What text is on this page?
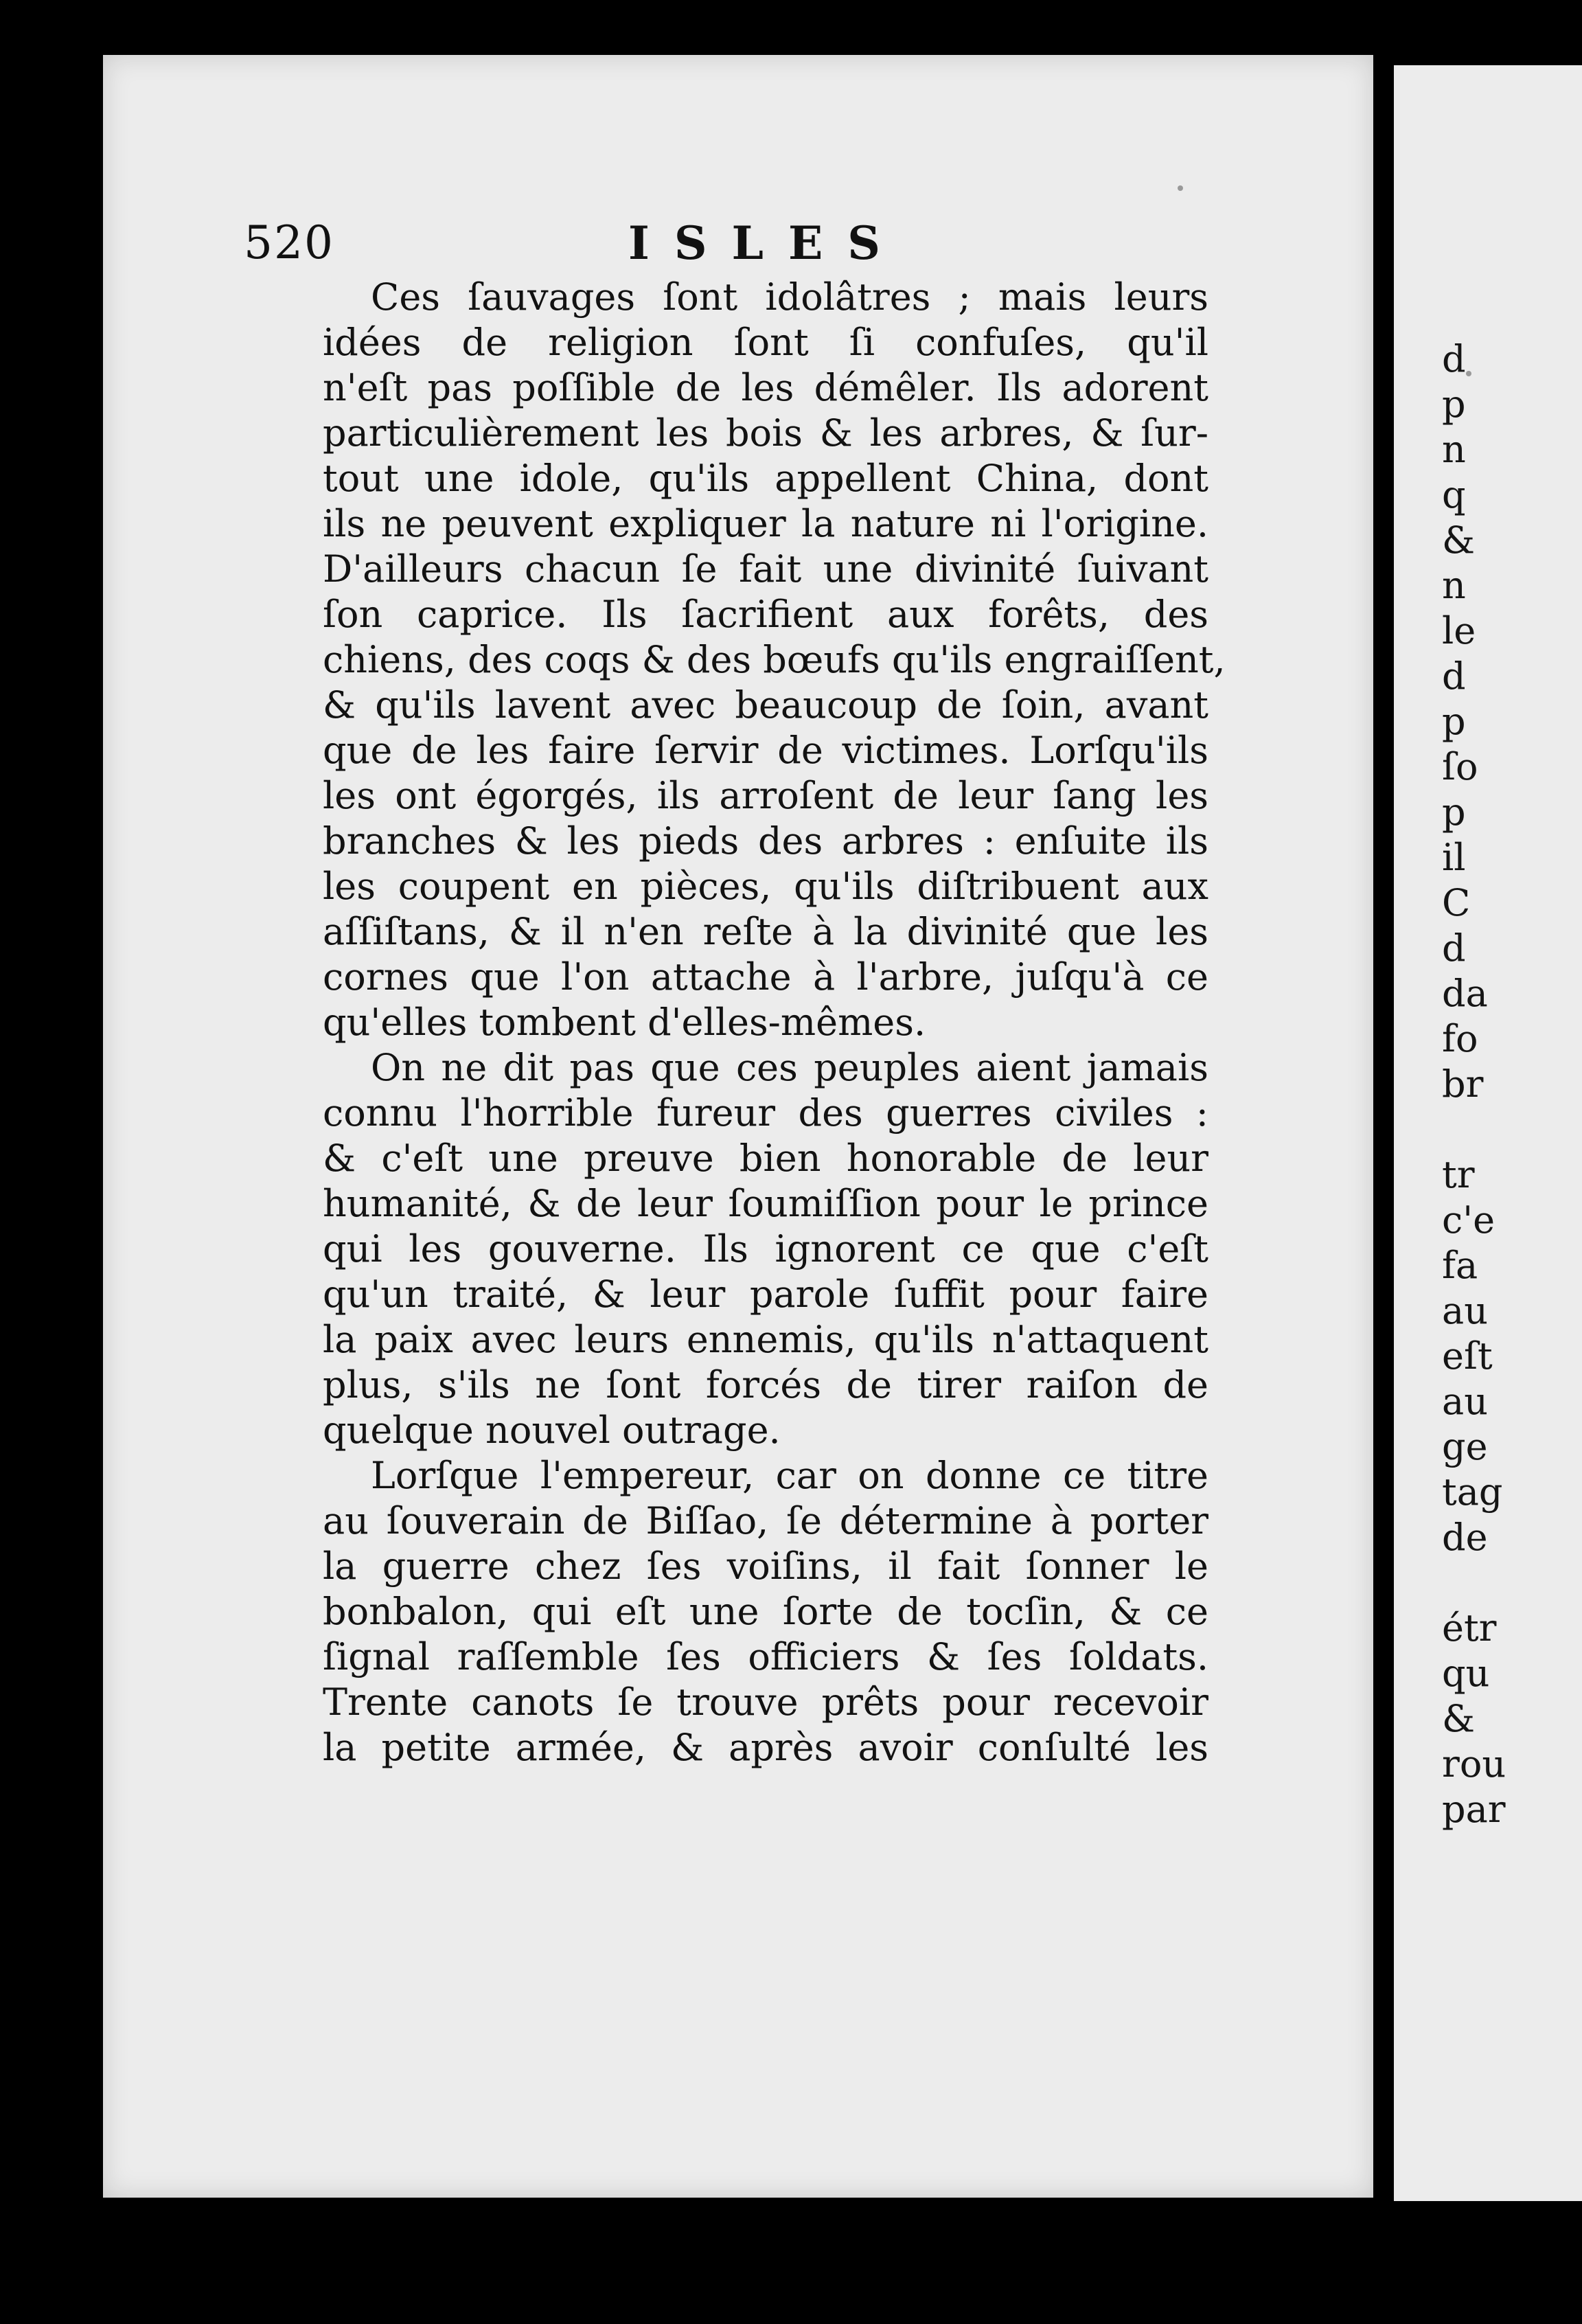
520	ISLES
Ces ſauvages ſont idolâtres ; mais leurs
idées de religion ſont ſi confuſes, qu'il
n'eſt pas poſſible de les démêler. Ils adorent
particulièrement les bois & les arbres, & ſur-
tout une idole, qu'ils appellent China, dont
ils ne peuvent expliquer la nature ni l'origine.
D'ailleurs chacun ſe fait une divinité ſuivant
ſon caprice. Ils ſacrifient aux forêts, des
chiens, des coqs & des bœufs qu'ils engraiſſent,
& qu'ils lavent avec beaucoup de ſoin, avant
que de les faire ſervir de victimes. Lorſqu'ils
les ont égorgés, ils arroſent de leur ſang les
branches & les pieds des arbres : enſuite ils
les coupent en pièces, qu'ils diſtribuent aux
aſſiſtans, & il n'en reſte à la divinité que les
cornes que l'on attache à l'arbre, juſqu'à ce
qu'elles tombent d'elles-mêmes.
On ne dit pas que ces peuples aient jamais
connu l'horrible fureur des guerres civiles :
& c'eſt une preuve bien honorable de leur
humanité, & de leur ſoumiſſion pour le prince
qui les gouverne. Ils ignorent ce que c'eſt
qu'un traité, & leur parole ſuffit pour faire
la paix avec leurs ennemis, qu'ils n'attaquent
plus, s'ils ne ſont forcés de tirer raiſon de
quelque nouvel outrage.
Lorſque l'empereur, car on donne ce titre
au ſouverain de Biſſao, ſe détermine à porter
la guerre chez ſes voiſins, il fait ſonner le
bonbalon, qui eſt une ſorte de tocſin, & ce
ſignal raſſemble ſes officiers & ſes ſoldats.
Trente canots ſe trouve prêts pour recevoir
la petite armée, & après avoir conſulté les
d
p
n
q
&
n
le
d
p
ſo
p
il
C
d
da
fo
br
tr
c'e
fa
au
eſt
au
ge
tag
de
étr
qu
&
rou
par
